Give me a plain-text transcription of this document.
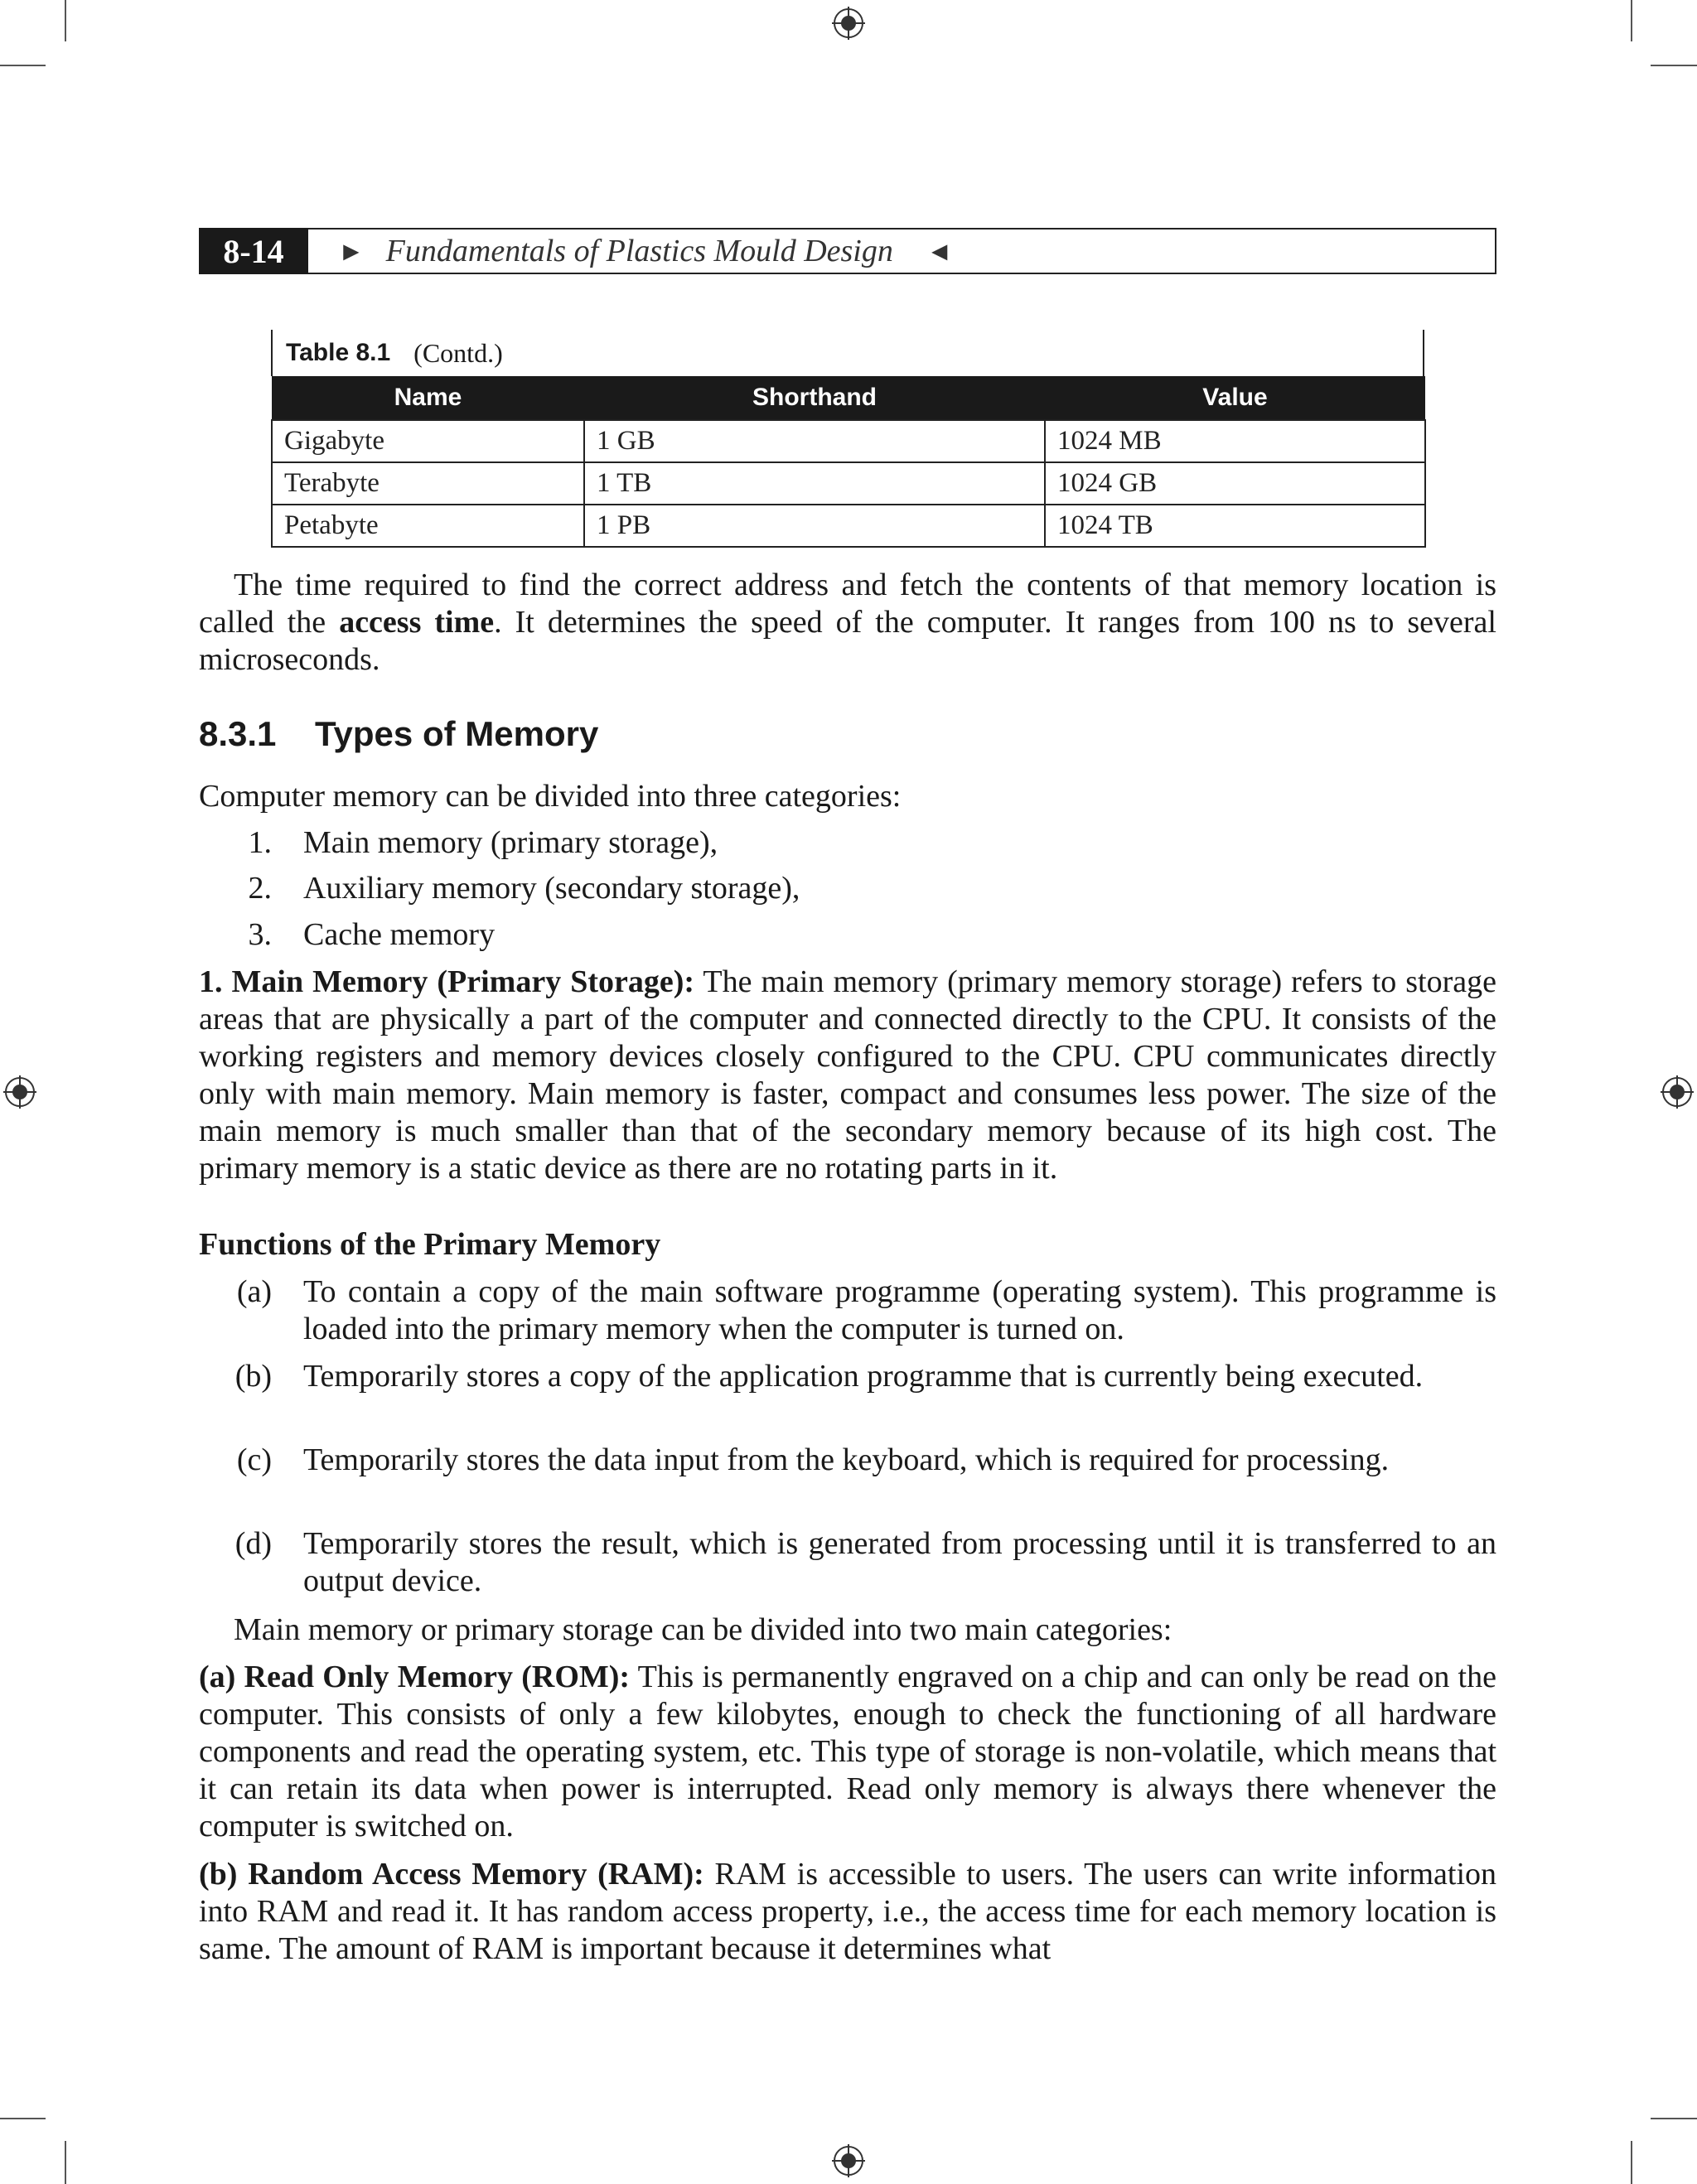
8-14	► Fundamentals of Plastics Mould Design ◄
Table 8.1 (Contd.)
Name	Shorthand	Value
Gigabyte	1 GB	1024 MB
Terabyte	1 TB	1024 GB
Petabyte	1 PB	1024 TB
The time required to find the correct address and fetch the contents of that memory location is called the access time. It determines the speed of the computer. It ranges from 100 ns to several microseconds.
8.3.1 Types of Memory
Computer memory can be divided into three categories:
1. Main memory (primary storage),
2. Auxiliary memory (secondary storage),
3. Cache memory
1. Main Memory (Primary Storage): The main memory (primary memory storage) refers to storage areas that are physically a part of the computer and connected directly to the CPU. It consists of the working registers and memory devices closely configured to the CPU. CPU communicates directly only with main memory. Main memory is faster, compact and consumes less power. The size of the main memory is much smaller than that of the secondary memory because of its high cost. The primary memory is a static device as there are no rotating parts in it.
Functions of the Primary Memory
(a) To contain a copy of the main software programme (operating system). This programme is loaded into the primary memory when the computer is turned on.
(b) Temporarily stores a copy of the application programme that is currently being executed.
(c) Temporarily stores the data input from the keyboard, which is required for processing.
(d) Temporarily stores the result, which is generated from processing until it is transferred to an output device.
Main memory or primary storage can be divided into two main categories:
(a) Read Only Memory (ROM): This is permanently engraved on a chip and can only be read on the computer. This consists of only a few kilobytes, enough to check the functioning of all hardware components and read the operating system, etc. This type of storage is non-volatile, which means that it can retain its data when power is interrupted. Read only memory is always there whenever the computer is switched on.
(b) Random Access Memory (RAM): RAM is accessible to users. The users can write information into RAM and read it. It has random access property, i.e., the access time for each memory location is same. The amount of RAM is important because it determines what
